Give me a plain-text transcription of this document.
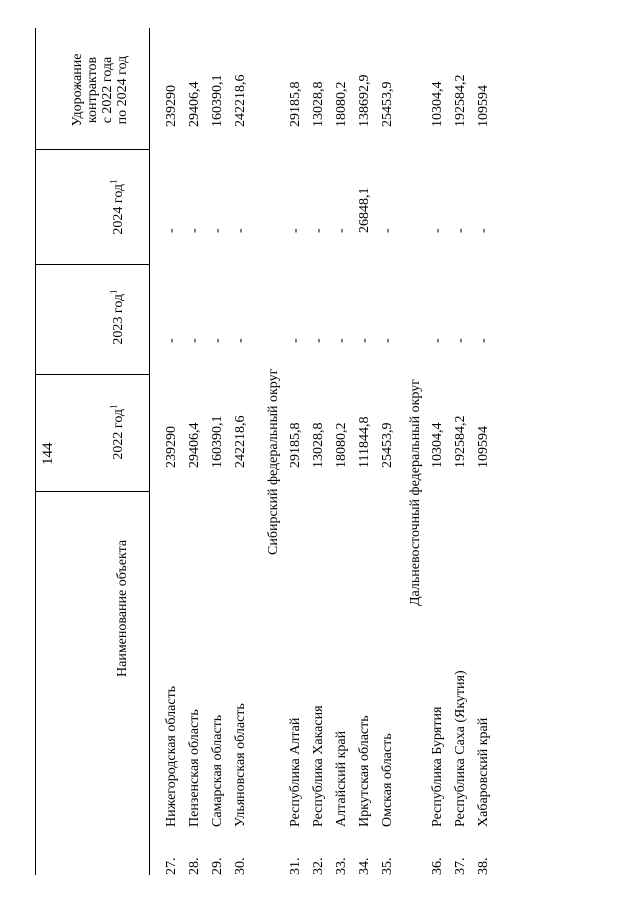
144
Наименование объекта
2022 год$^1$
2023 год$^1$
2024 год$^1$
Удорожание контрактов с 2022 года по 2024 год
27.
Нижегородская область
239290
-
-
239290
28.
Пензенская область
29406,4
-
-
29406,4
29.
Самарская область
160390,1
-
-
160390,1
30.
Ульяновская область
242218,6
-
-
242218,6
Сибирский федеральный округ
31.
Республика Алтай
29185,8
-
-
29185,8
32.
Республика Хакасия
13028,8
-
-
13028,8
33.
Алтайский край
18080,2
-
-
18080,2
34.
Иркутская область
111844,8
-
26848,1
138692,9
35.
Омская область
25453,9
-
-
25453,9
Дальневосточный федеральный округ
36.
Республика Бурятия
10304,4
-
-
10304,4
37.
Республика Саха (Якутия)
192584,2
-
-
192584,2
38.
Хабаровский край
109594
-
-
109594
